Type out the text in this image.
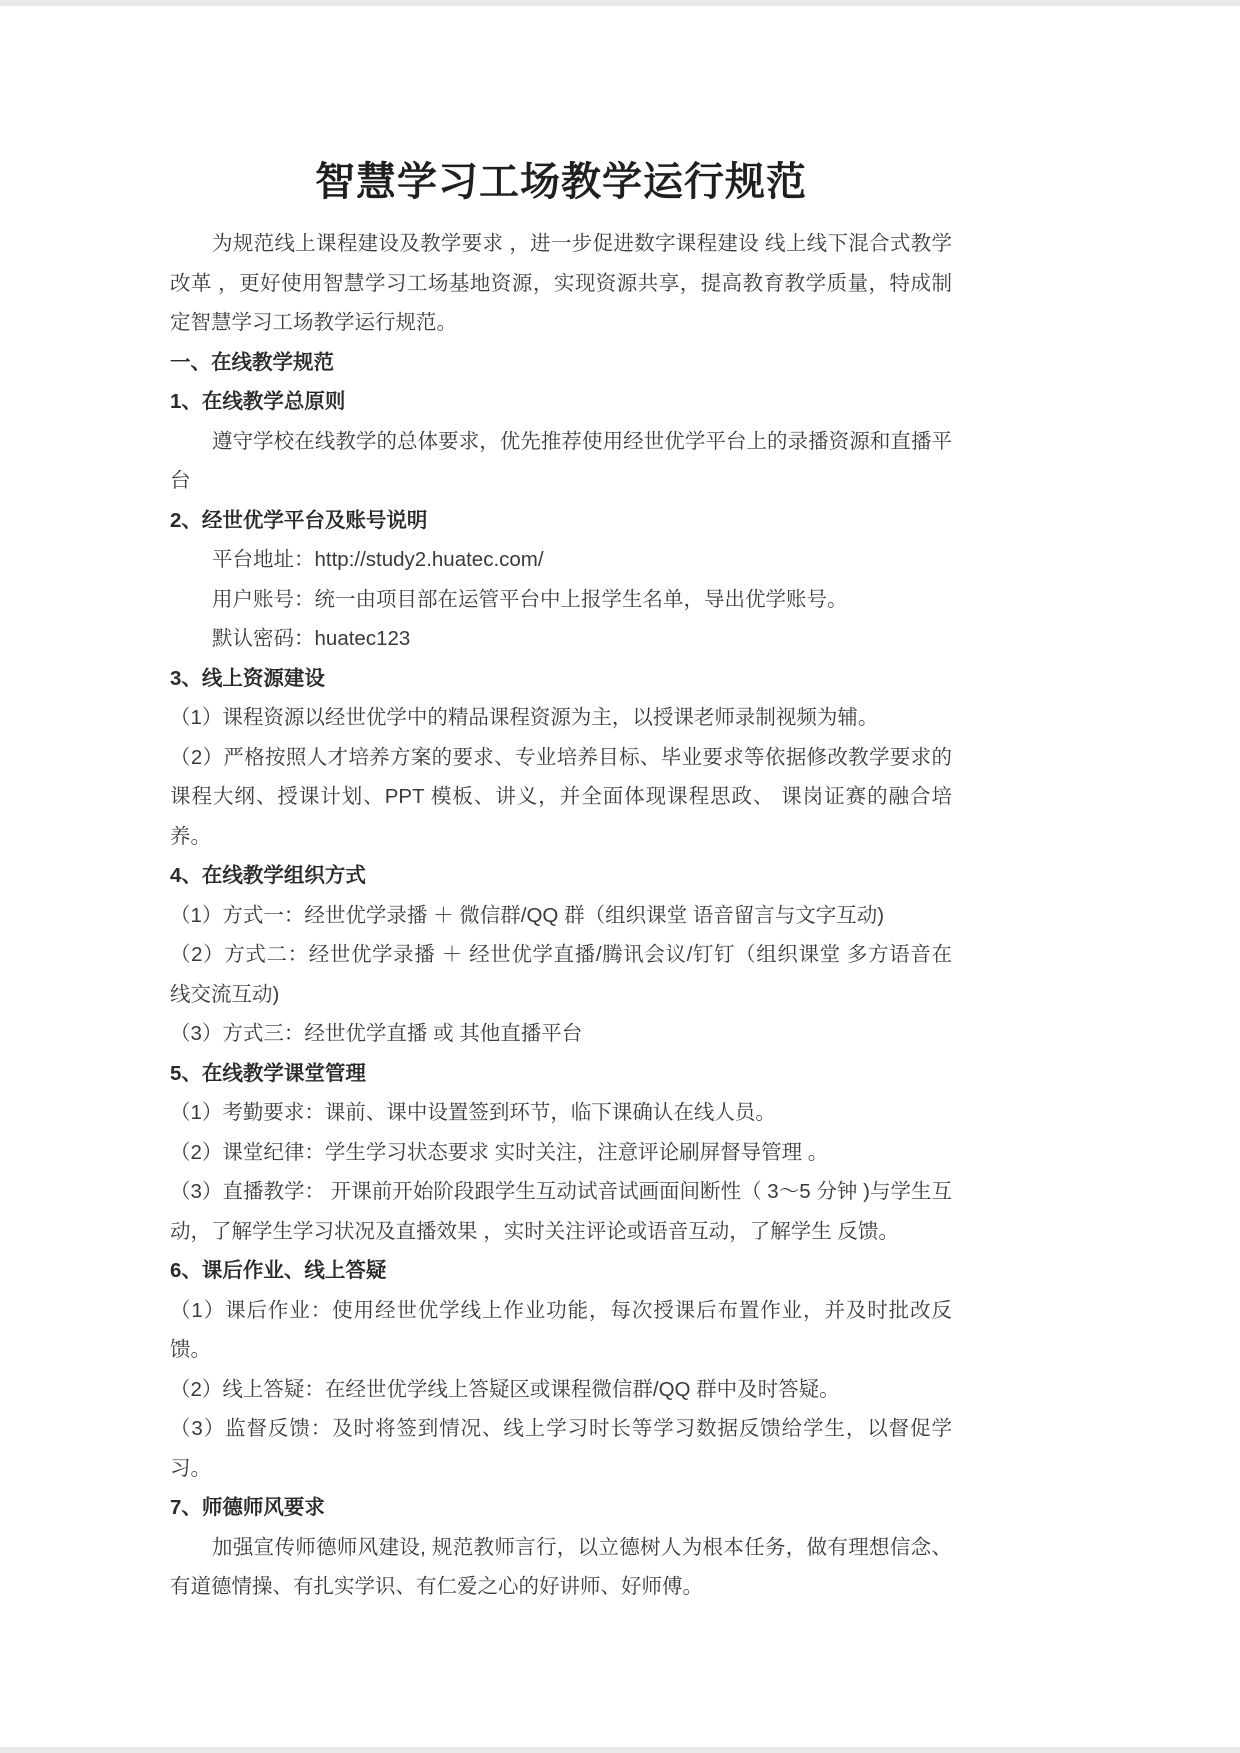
智慧学习工场教学运行规范

为规范线上课程建设及教学要求 ，进一步促进数字课程建设 线上线下混合式教学改革 ，更好使用智慧学习工场基地资源，实现资源共享，提高教育教学质量，特成制定智慧学习工场教学运行规范。

一、在线教学规范

1、在线教学总原则

遵守学校在线教学的总体要求，优先推荐使用经世优学平台上的录播资源和直播平台

2、经世优学平台及账号说明

平台地址：http://study2.huatec.com/

用户账号：统一由项目部在运管平台中上报学生名单，导出优学账号。

默认密码：huatec123

3、线上资源建设

（1）课程资源以经世优学中的精品课程资源为主，以授课老师录制视频为辅。

（2）严格按照人才培养方案的要求、专业培养目标、毕业要求等依据修改教学要求的课程大纲、授课计划、PPT 模板、讲义，并全面体现课程思政、 课岗证赛的融合培养。

4、在线教学组织方式

（1）方式一：经世优学录播 ＋ 微信群/QQ 群（组织课堂 语音留言与文字互动)

（2）方式二：经世优学录播 ＋ 经世优学直播/腾讯会议/钉钉（组织课堂 多方语音在 线交流互动)

（3）方式三：经世优学直播 或 其他直播平台

5、在线教学课堂管理

（1）考勤要求：课前、课中设置签到环节，临下课确认在线人员。

（2）课堂纪律：学生学习状态要求 实时关注，注意评论刷屏督导管理 。

（3）直播教学： 开课前开始阶段跟学生互动试音试画面间断性（ 3～5 分钟 )与学生互动，了解学生学习状况及直播效果 ，实时关注评论或语音互动，了解学生 反馈。

6、课后作业、线上答疑

（1）课后作业：使用经世优学线上作业功能，每次授课后布置作业，并及时批改反馈。

（2）线上答疑：在经世优学线上答疑区或课程微信群/QQ 群中及时答疑。

（3）监督反馈：及时将签到情况、线上学习时长等学习数据反馈给学生，以督促学习。

7、师德师风要求

加强宣传师德师风建设, 规范教师言行，以立德树人为根本任务，做有理想信念、有道德情操、有扎实学识、有仁爱之心的好讲师、好师傅。
